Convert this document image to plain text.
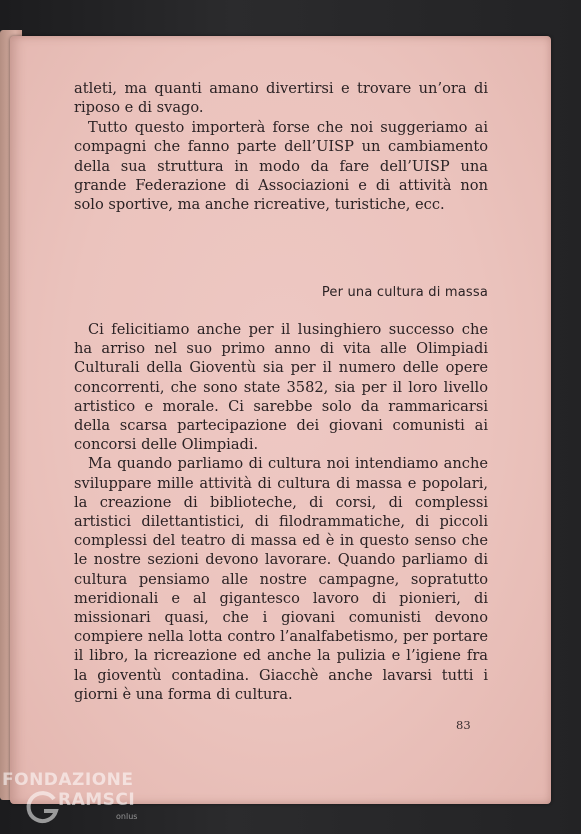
atleti, ma quanti amano divertirsi e trovare un’ora di riposo e di svago.

Tutto questo importerà forse che noi suggeriamo ai compagni che fanno parte dell’UISP un cambiamento della sua struttura in modo da fare dell’UISP una grande Federazione di Associazioni e di attività non solo sportive, ma anche ricreative, turistiche, ecc.

Per una cultura di massa

Ci felicitiamo anche per il lusinghiero successo che ha arriso nel suo primo anno di vita alle Olimpiadi Culturali della Gioventù sia per il numero delle opere concorrenti, che sono state 3582, sia per il loro livello artistico e morale. Ci sarebbe solo da rammaricarsi della scarsa partecipazione dei giovani comunisti ai concorsi delle Olimpiadi.

Ma quando parliamo di cultura noi intendiamo anche sviluppare mille attività di cultura di massa e popolari, la creazione di biblioteche, di corsi, di complessi artistici dilettantistici, di filodrammatiche, di piccoli complessi del teatro di massa ed è in questo senso che le nostre sezioni devono lavorare. Quando parliamo di cultura pensiamo alle nostre campagne, sopratutto meridionali e al gigantesco lavoro di pionieri, di missionari quasi, che i giovani comunisti devono compiere nella lotta contro l’analfabetismo, per portare il libro, la ricreazione ed anche la pulizia e l’igiene fra la gioventù contadina. Giacchè anche lavarsi tutti i giorni è una forma di cultura.

83
FONDAZIONE
RAMSCI
onlus
